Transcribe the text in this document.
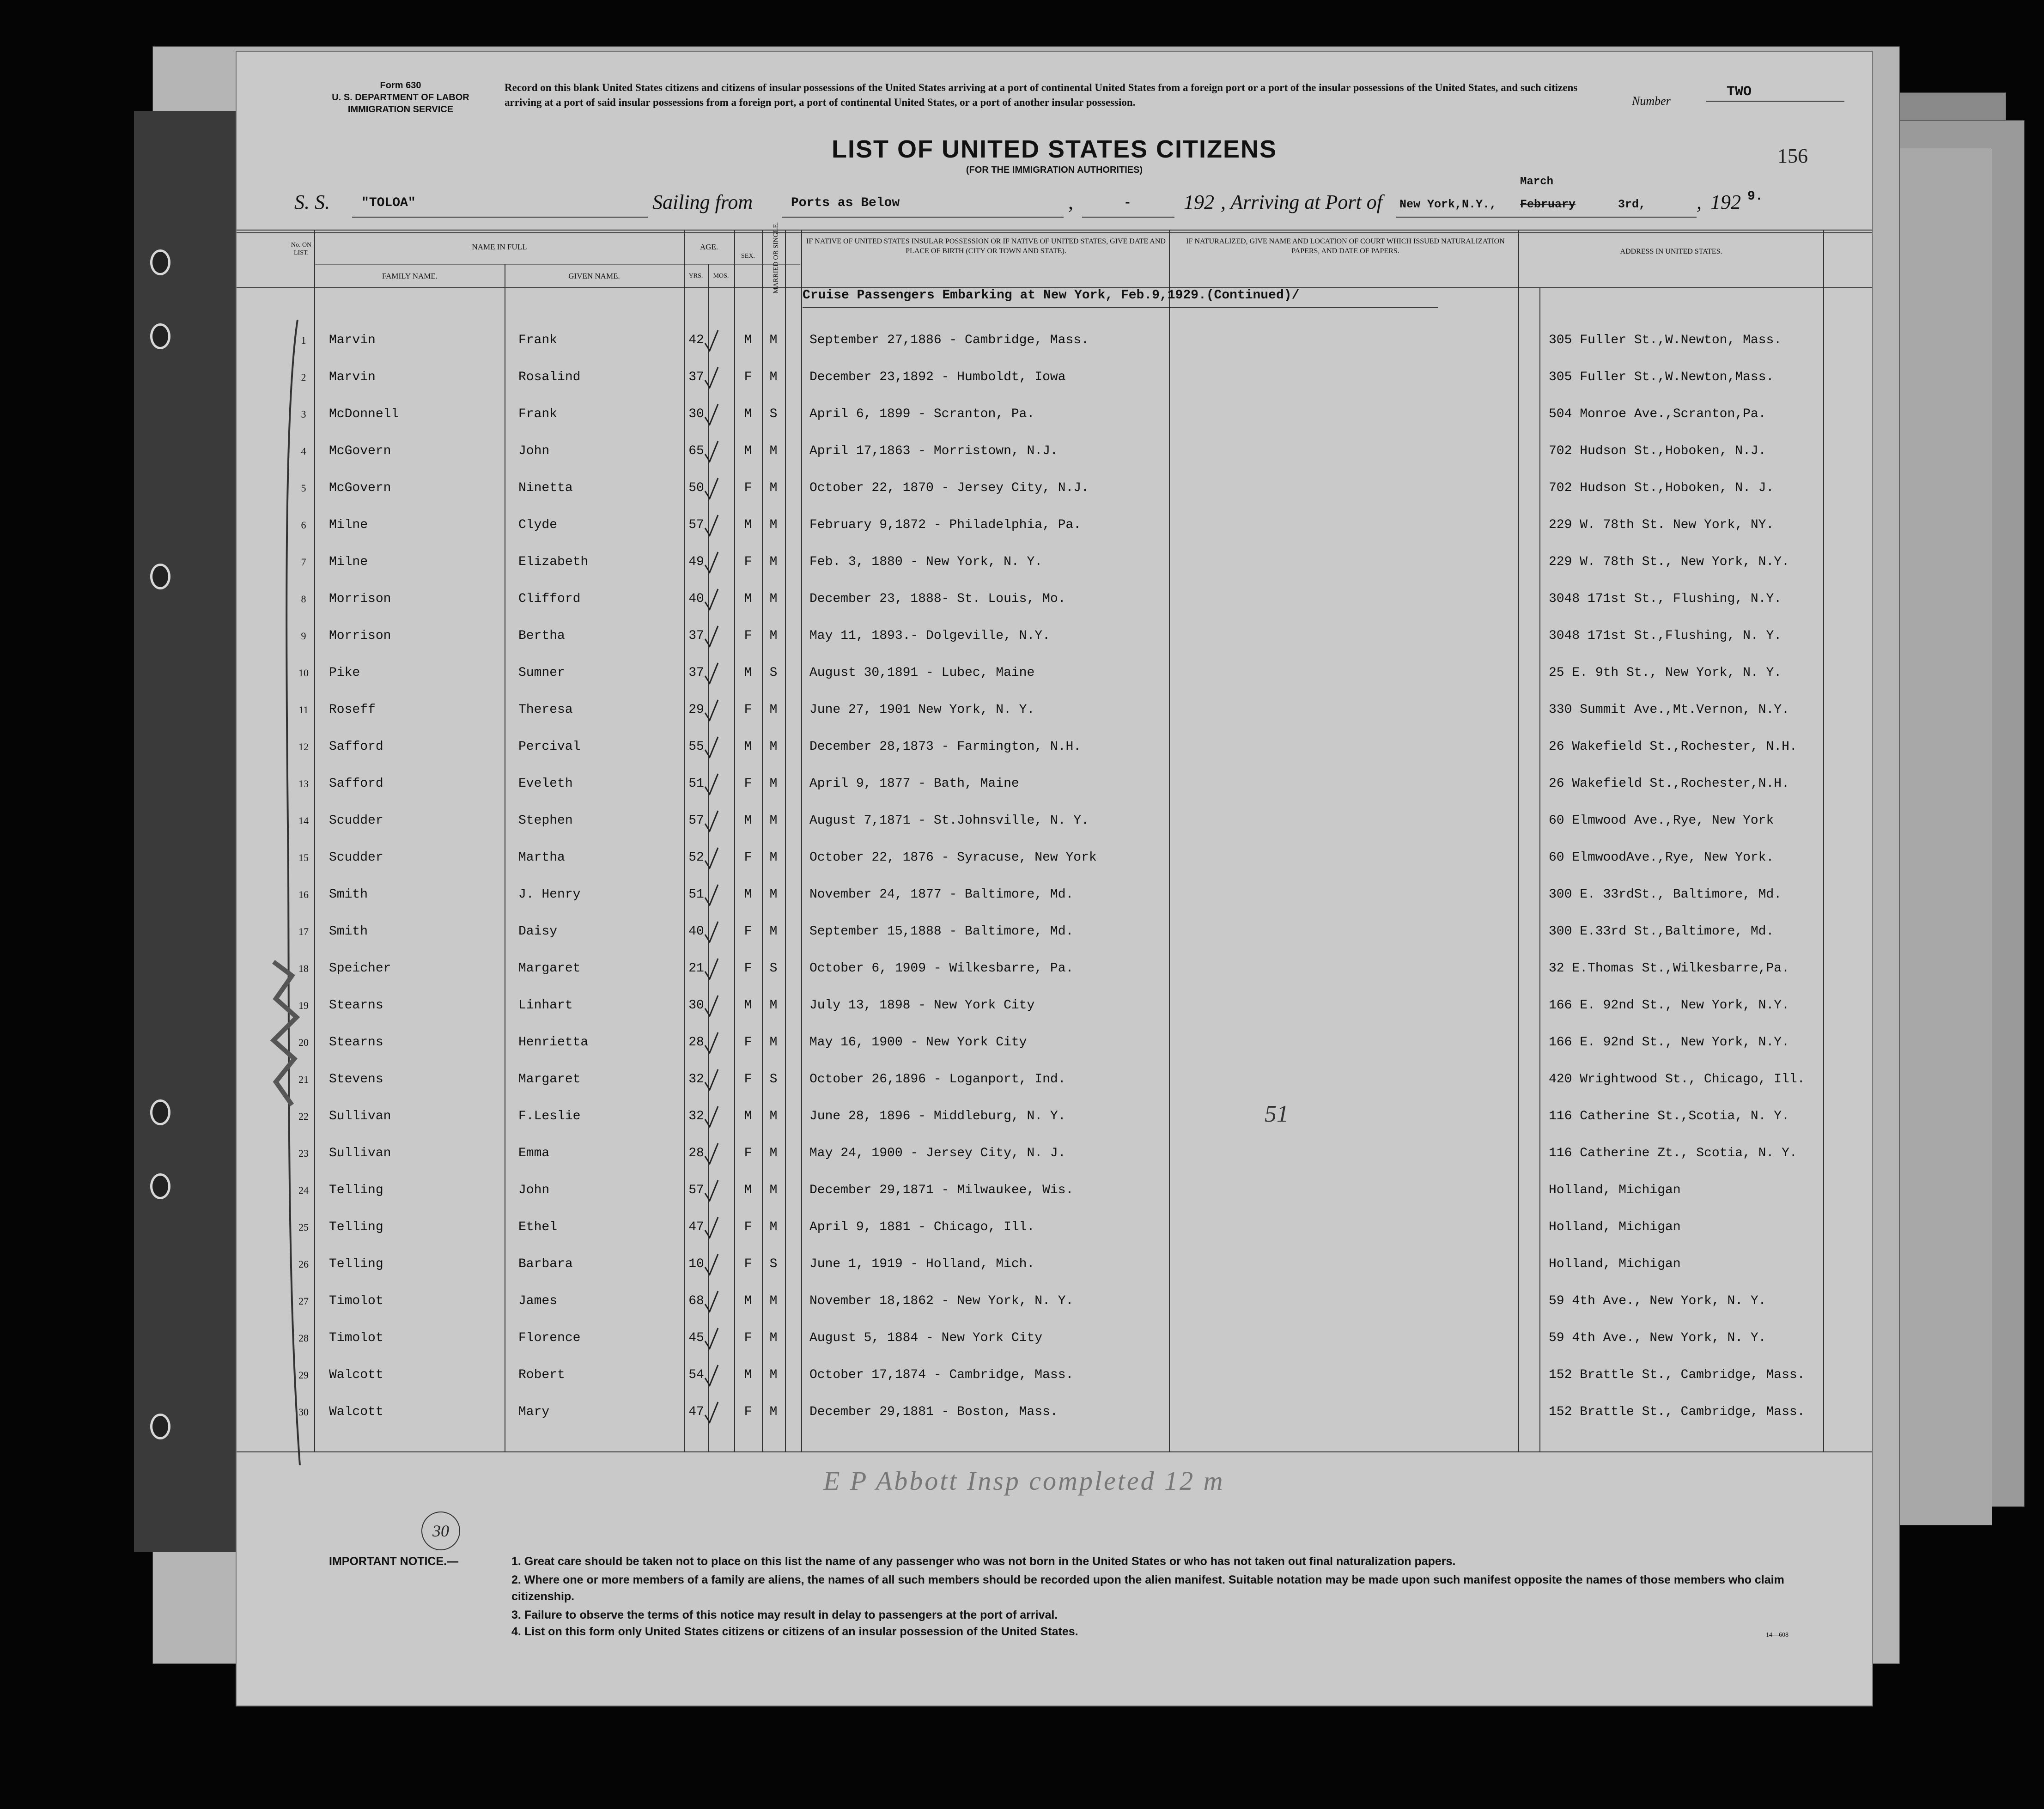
Form 630
U. S. DEPARTMENT OF LABOR
IMMIGRATION SERVICE
Record on this blank United States citizens and citizens of insular possessions of the United States arriving at a port of continental United States from a foreign port or a port of the insular possessions of the United States, and such citizens arriving at a port of said insular possessions from a foreign port, a port of continental United States, or a port of another insular possession.	Number
TWO
LIST OF UNITED STATES CITIZENS
(FOR THE IMMIGRATION AUTHORITIES)
156
S. S. "TOLOA"	Sailing from	Ports as Below	,	-	192 , Arriving at Port of New York,N.Y.,
March
February	3rd, , 192 9.
No. ON LIST.
NAME IN FULL
FAMILY NAME.	GIVEN NAME.
AGE.
YRS.	MOS.
SEX.	MARRIED OR SINGLE.	IF NATIVE OF UNITED STATES INSULAR POSSESSION OR IF NATIVE OF UNITED STATES, GIVE DATE AND PLACE OF BIRTH (CITY OR TOWN AND STATE).
IF NATURALIZED, GIVE NAME AND LOCATION OF COURT WHICH ISSUED NATURALIZATION PAPERS, AND DATE OF PAPERS.	ADDRESS IN UNITED STATES.
Cruise Passengers Embarking at New York, Feb.9,1929.(Continued)/
1	Marvin	Frank	42	M	M	September 27,1886 - Cambridge, Mass.	305 Fuller St.,W.Newton, Mass.
2	Marvin	Rosalind	37	F	M	December 23,1892 - Humboldt, Iowa	305 Fuller St.,W.Newton,Mass.
3	McDonnell	Frank	30	M	S	April 6, 1899 - Scranton, Pa.	504 Monroe Ave.,Scranton,Pa.
4	McGovern	John	65	M	M	April 17,1863 - Morristown, N.J.	702 Hudson St.,Hoboken, N.J.
5	McGovern	Ninetta	50	F	M	October 22, 1870 - Jersey City, N.J.	702 Hudson St.,Hoboken, N. J.
6	Milne	Clyde	57	M	M	February 9,1872 - Philadelphia, Pa.	229 W. 78th St. New York, NY.
7	Milne	Elizabeth	49	F	M	Feb. 3, 1880 - New York, N. Y.	229 W. 78th St., New York, N.Y.
8	Morrison	Clifford	40	M	M	December 23, 1888- St. Louis, Mo.	3048 171st St., Flushing, N.Y.
9	Morrison	Bertha	37	F	M	May 11, 1893.- Dolgeville, N.Y.	3048 171st St.,Flushing, N. Y.
10	Pike	Sumner	37	M	S	August 30,1891 - Lubec, Maine	25 E. 9th St., New York, N. Y.
11	Roseff	Theresa	29	F	M	June 27, 1901 New York, N. Y.	330 Summit Ave.,Mt.Vernon, N.Y.
12	Safford	Percival	55	M	M	December 28,1873 - Farmington, N.H.	26 Wakefield St.,Rochester, N.H.
13	Safford	Eveleth	51	F	M	April 9, 1877 - Bath, Maine	26 Wakefield St.,Rochester,N.H.
14	Scudder	Stephen	57	M	M	August 7,1871 - St.Johnsville, N. Y.	60 Elmwood Ave.,Rye, New York
15	Scudder	Martha	52	F	M	October 22, 1876 - Syracuse, New York	60 ElmwoodAve.,Rye, New York.
16	Smith	J. Henry	51	M	M	November 24, 1877 - Baltimore, Md.	300 E. 33rdSt., Baltimore, Md.
17	Smith	Daisy	40	F	M	September 15,1888 - Baltimore, Md.	300 E.33rd St.,Baltimore, Md.
18	Speicher	Margaret	21	F	S	October 6, 1909 - Wilkesbarre, Pa.	32 E.Thomas St.,Wilkesbarre,Pa.
19	Stearns	Linhart	30	M	M	July 13, 1898 - New York City	166 E. 92nd St., New York, N.Y.
20	Stearns	Henrietta	28	F	M	May 16, 1900 - New York City	166 E. 92nd St., New York, N.Y.
21	Stevens	Margaret	32	F	S	October 26,1896 - Loganport, Ind.	420 Wrightwood St., Chicago, Ill.
22	Sullivan	F.Leslie	32	M	M	June 28, 1896 - Middleburg, N. Y.	116 Catherine St.,Scotia, N. Y.
23	Sullivan	Emma	28	F	M	May 24, 1900 - Jersey City, N. J.	116 Catherine Zt., Scotia, N. Y.
24	Telling	John	57	M	M	December 29,1871 - Milwaukee, Wis.	Holland, Michigan
25	Telling	Ethel	47	F	M	April 9, 1881 - Chicago, Ill.	Holland, Michigan
26	Telling	Barbara	10	F	S	June 1, 1919 - Holland, Mich.	Holland, Michigan
27	Timolot	James	68	M	M	November 18,1862 - New York, N. Y.	59 4th Ave., New York, N. Y.
28	Timolot	Florence	45	F	M	August 5, 1884 - New York City	59 4th Ave., New York, N. Y.
29	Walcott	Robert	54	M	M	October 17,1874 - Cambridge, Mass.	152 Brattle St., Cambridge, Mass.
30	Walcott	Mary	47	F	M	December 29,1881 - Boston, Mass.	152 Brattle St., Cambridge, Mass.
51
E P Abbott Insp completed 12 m
30
IMPORTANT NOTICE.—	1. Great care should be taken not to place on this list the name of any passenger who was not born in the United States or who has not taken out final naturalization papers.
2. Where one or more members of a family are aliens, the names of all such members should be recorded upon the alien manifest. Suitable notation may be made upon such manifest opposite the names of those members who claim citizenship.
3. Failure to observe the terms of this notice may result in delay to passengers at the port of arrival.
4. List on this form only United States citizens or citizens of an insular possession of the United States.	14—608
